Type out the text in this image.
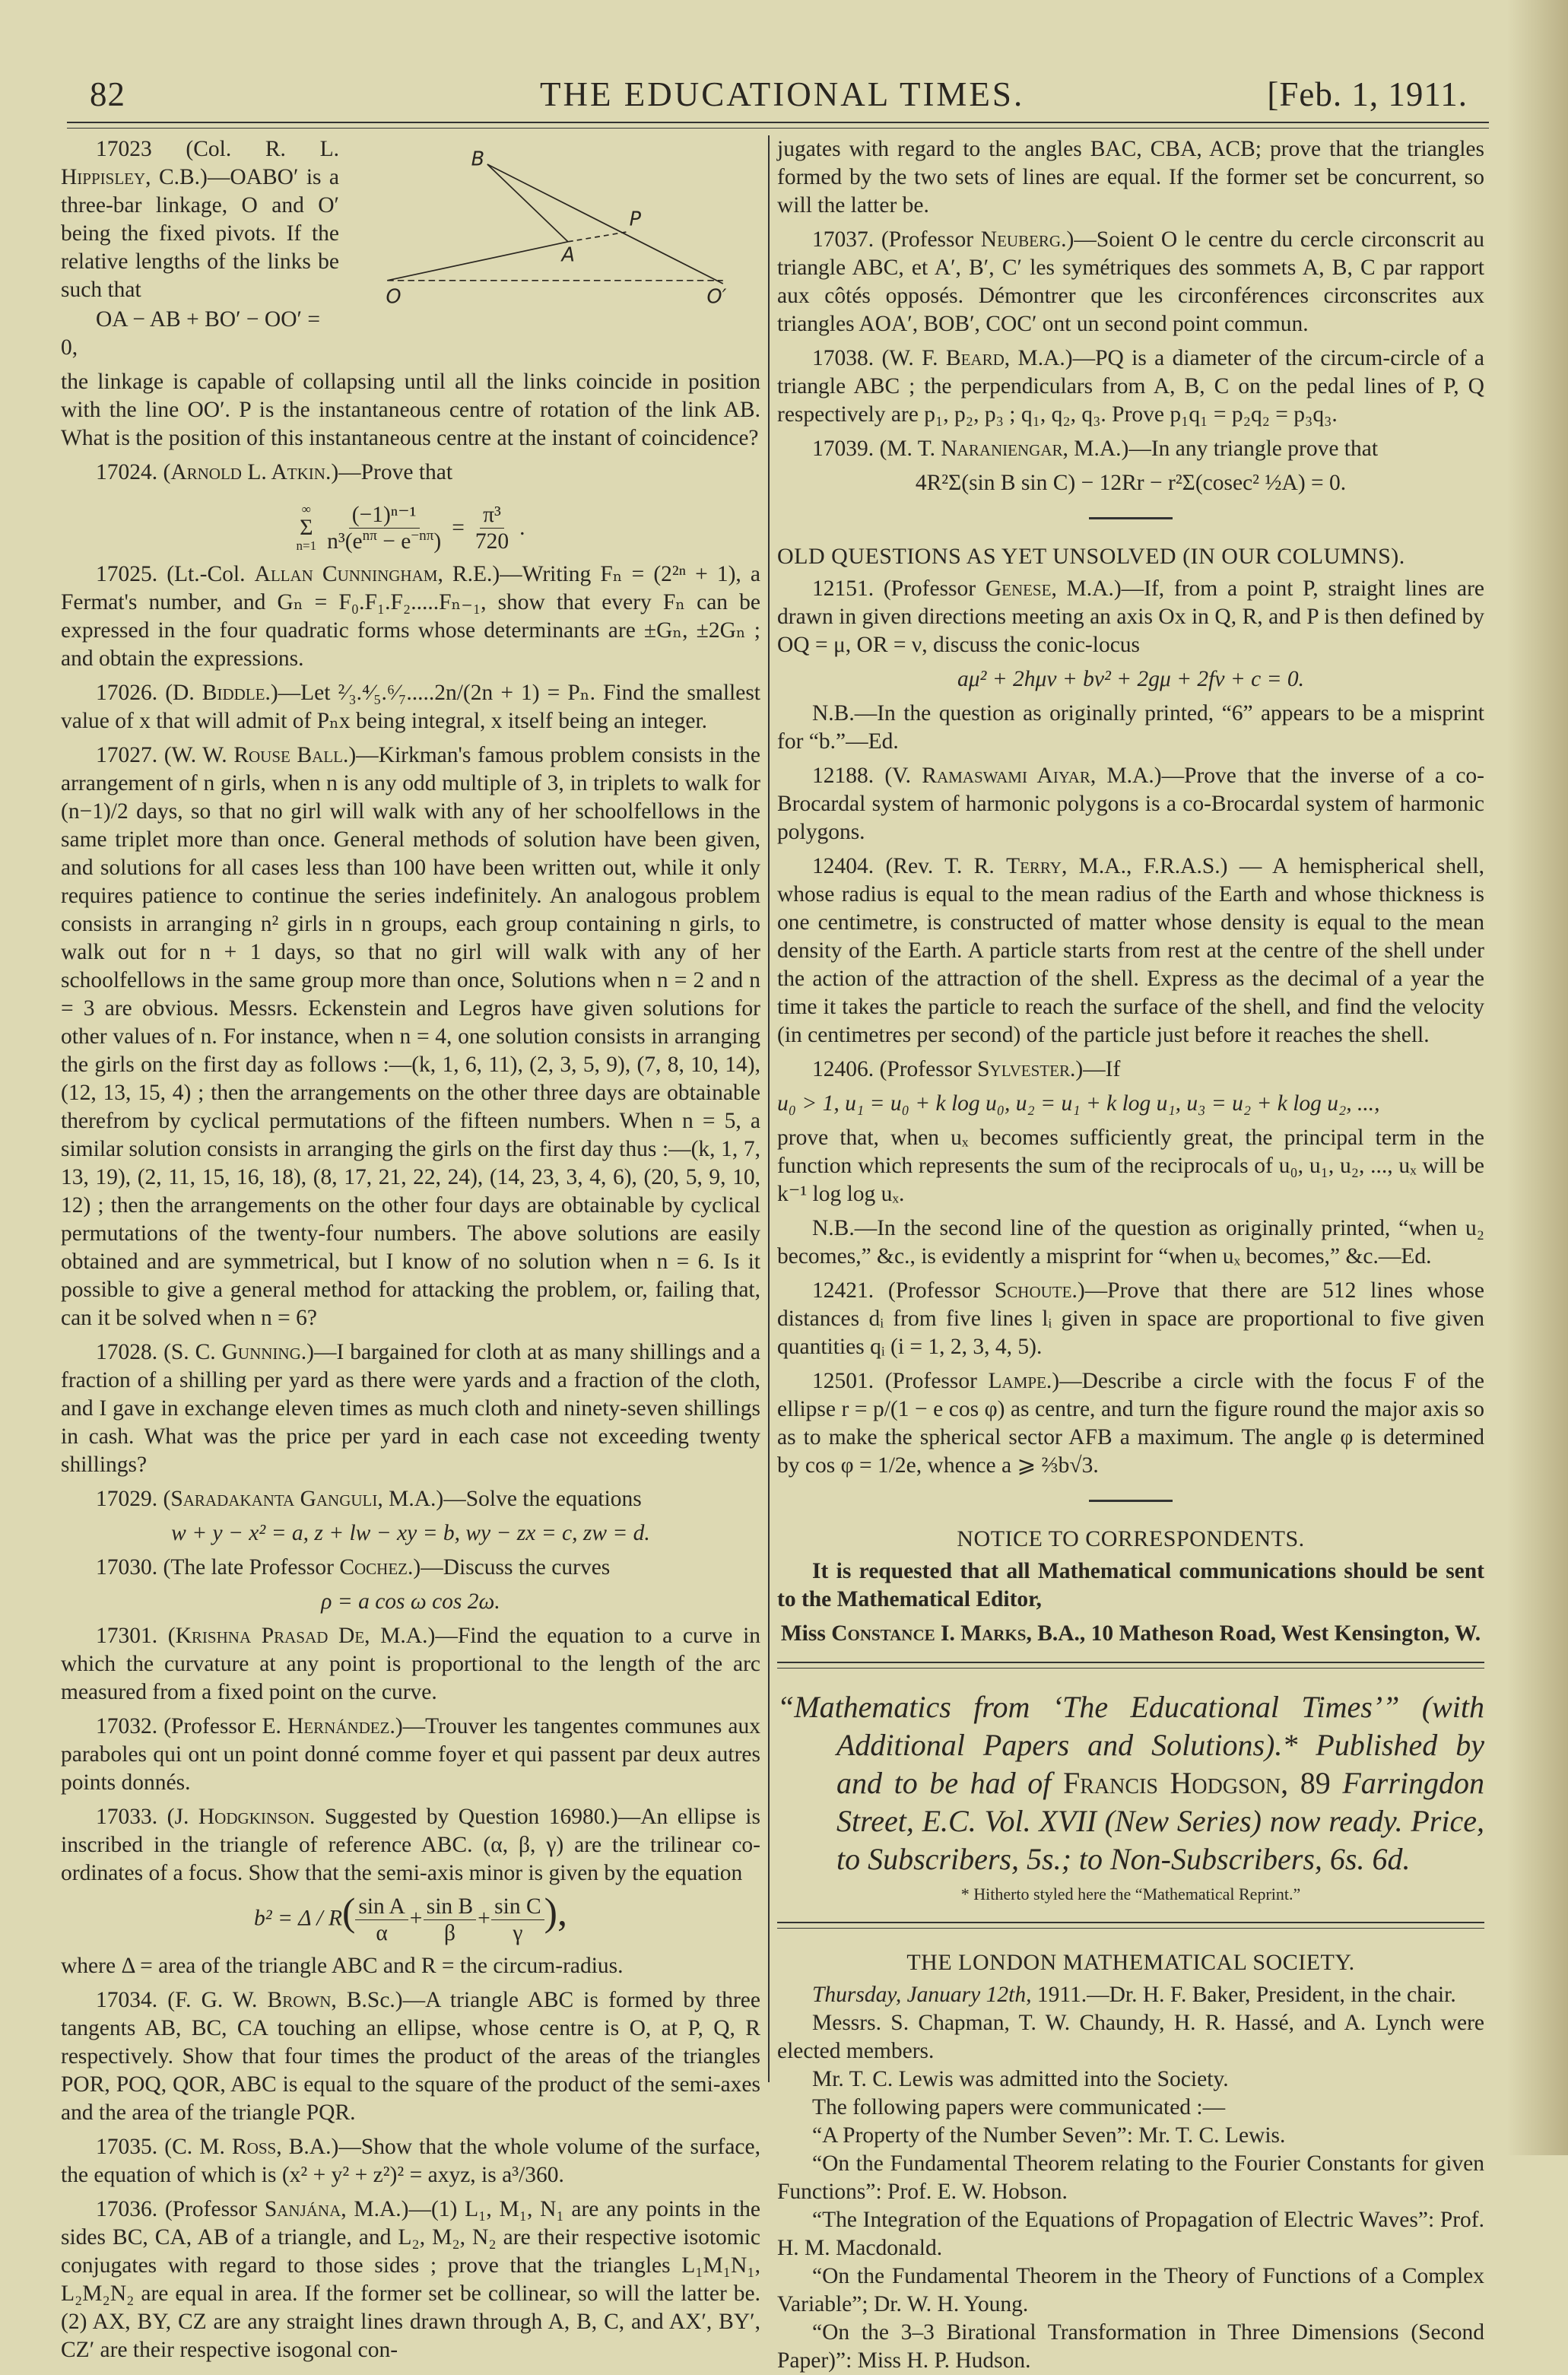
82	THE EDUCATIONAL TIMES.	[Feb. 1, 1911.

B
P
A
O	O′
17023 (Col. R. L. Hippisley, C.B.)—OABO′ is a three-bar linkage, O and O′ being the fixed pivots. If the relative lengths of the links be such that
OA − AB + BO′ − OO′ = 0,
the linkage is capable of collapsing until all the links coincide in position with the line OO′. P is the instantaneous centre of rotation of the link AB. What is the position of this instantaneous centre at the instant of coincidence?

17024. (Arnold L. Atkin.)—Prove that

∞
Σ
$n=1 \frac{\text{(−1)ⁿ⁻¹}}{n^3(e^{n\pi} - e^{-n\pi})} = \frac{\text{π³}}{720}$ .

17025. (Lt.-Col. Allan Cunningham, R.E.)—Writing Fₙ = (2²ⁿ + 1), a Fermat's number, and Gₙ = F₀.F₁.F₂.....Fₙ₋₁, show that every Fₙ can be expressed in the four quadratic forms whose determinants are ±Gₙ, ±2Gₙ ; and obtain the expressions.

17026. (D. Biddle.)—Let ²⁄₃.⁴⁄₅.⁶⁄₇.....2n/(2n + 1) = Pₙ. Find the smallest value of x that will admit of Pₙx being integral, x itself being an integer.

17027. (W. W. Rouse Ball.)—Kirkman's famous problem consists in the arrangement of n girls, when n is any odd multiple of 3, in triplets to walk for (n−1)/2 days, so that no girl will walk with any of her schoolfellows in the same triplet more than once. General methods of solution have been given, and solutions for all cases less than 100 have been written out, while it only requires patience to continue the series indefinitely. An analogous problem consists in arranging n² girls in n groups, each group containing n girls, to walk out for n + 1 days, so that no girl will walk with any of her schoolfellows in the same group more than once, Solutions when n = 2 and n = 3 are obvious. Messrs. Eckenstein and Legros have given solutions for other values of n. For instance, when n = 4, one solution consists in arranging the girls on the first day as follows :—(k, 1, 6, 11), (2, 3, 5, 9), (7, 8, 10, 14), (12, 13, 15, 4) ; then the arrangements on the other three days are obtainable therefrom by cyclical permutations of the fifteen numbers. When n = 5, a similar solution consists in arranging the girls on the first day thus :—(k, 1, 7, 13, 19), (2, 11, 15, 16, 18), (8, 17, 21, 22, 24), (14, 23, 3, 4, 6), (20, 5, 9, 10, 12) ; then the arrangements on the other four days are obtainable by cyclical permutations of the twenty-four numbers. The above solutions are easily obtained and are symmetrical, but I know of no solution when n = 6. Is it possible to give a general method for attacking the problem, or, failing that, can it be solved when n = 6?

17028. (S. C. Gunning.)—I bargained for cloth at as many shillings and a fraction of a shilling per yard as there were yards and a fraction of the cloth, and I gave in exchange eleven times as much cloth and ninety-seven shillings in cash. What was the price per yard in each case not exceeding twenty shillings?

17029. (Saradakanta Ganguli, M.A.)—Solve the equations

w + y − x² = a, z + lw − xy = b, wy − zx = c, zw = d.

17030. (The late Professor Cochez.)—Discuss the curves

ρ = a cos ω cos 2ω.

17301. (Krishna Prasad De, M.A.)—Find the equation to a curve in which the curvature at any point is proportional to the length of the arc measured from a fixed point on the curve.

17032. (Professor E. Hernández.)—Trouver les tangentes communes aux paraboles qui ont un point donné comme foyer et qui passent par deux autres points donnés.

17033. (J. Hodgkinson. Suggested by Question 16980.)—An ellipse is inscribed in the triangle of reference ABC. (α, β, γ) are the trilinear co-ordinates of a focus. Show that the semi-axis minor is given by the equation

$b^2 = \Delta / R( \frac{\text{sin A}}{\alpha} + \frac{\text{sin B}}{\beta} + \frac{\text{sin C}}{\gamma}$ ),

where Δ = area of the triangle ABC and R = the circum-radius.

17034. (F. G. W. Brown, B.Sc.)—A triangle ABC is formed by three tangents AB, BC, CA touching an ellipse, whose centre is O, at P, Q, R respectively. Show that four times the product of the areas of the triangles POR, POQ, QOR, ABC is equal to the square of the product of the semi-axes and the area of the triangle PQR.

17035. (C. M. Ross, B.A.)—Show that the whole volume of the surface, the equation of which is (x² + y² + z²)² = axyz, is a³/360.

17036. (Professor Sanjána, M.A.)—(1) L₁, M₁, N₁ are any points in the sides BC, CA, AB of a triangle, and L₂, M₂, N₂ are their respective isotomic conjugates with regard to those sides ; prove that the triangles L₁M₁N₁, L₂M₂N₂ are equal in area. If the former set be collinear, so will the latter be. (2) AX, BY, CZ are any straight lines drawn through A, B, C, and AX′, BY′, CZ′ are their respective isogonal con-

jugates with regard to the angles BAC, CBA, ACB; prove that the triangles formed by the two sets of lines are equal. If the former set be concurrent, so will the latter be.

17037. (Professor Neuberg.)—Soient O le centre du cercle circonscrit au triangle ABC, et A′, B′, C′ les symétriques des sommets A, B, C par rapport aux côtés opposés. Démontrer que les circonférences circonscrites aux triangles AOA′, BOB′, COC′ ont un second point commun.

17038. (W. F. Beard, M.A.)—PQ is a diameter of the circum-circle of a triangle ABC ; the perpendiculars from A, B, C on the pedal lines of P, Q respectively are p₁, p₂, p₃ ; q₁, q₂, q₃. Prove p₁q₁ = p₂q₂ = p₃q₃.

17039. (M. T. Naraniengar, M.A.)—In any triangle prove that

4R²Σ(sin B sin C) − 12Rr − r²Σ(cosec² ½A) = 0.
OLD QUESTIONS AS YET UNSOLVED (IN OUR COLUMNS).

12151. (Professor Genese, M.A.)—If, from a point P, straight lines are drawn in given directions meeting an axis Ox in Q, R, and P is then defined by OQ = μ, OR = ν, discuss the conic-locus

aμ² + 2hμν + bν² + 2gμ + 2fν + c = 0.

N.B.—In the question as originally printed, “6” appears to be a misprint for “b.”—Ed.

12188. (V. Ramaswami Aiyar, M.A.)—Prove that the inverse of a co-Brocardal system of harmonic polygons is a co-Brocardal system of harmonic polygons.

12404. (Rev. T. R. Terry, M.A., F.R.A.S.) — A hemispherical shell, whose radius is equal to the mean radius of the Earth and whose thickness is one centimetre, is constructed of matter whose density is equal to the mean density of the Earth. A particle starts from rest at the centre of the shell under the action of the attraction of the shell. Express as the decimal of a year the time it takes the particle to reach the surface of the shell, and find the velocity (in centimetres per second) of the particle just before it reaches the shell.

12406. (Professor Sylvester.)—If

u₀ > 1, u₁ = u₀ + k log u₀, u₂ = u₁ + k log u₁, u₃ = u₂ + k log u₂, ...,

prove that, when uₓ becomes sufficiently great, the principal term in the function which represents the sum of the reciprocals of u₀, u₁, u₂, ..., uₓ will be k⁻¹ log log uₓ.

N.B.—In the second line of the question as originally printed, “when u₂ becomes,” &c., is evidently a misprint for “when uₓ becomes,” &c.—Ed.

12421. (Professor Schoute.)—Prove that there are 512 lines whose distances dᵢ from five lines lᵢ given in space are proportional to five given quantities qᵢ (i = 1, 2, 3, 4, 5).

12501. (Professor Lampe.)—Describe a circle with the focus F of the ellipse r = p/(1 − e cos φ) as centre, and turn the figure round the major axis so as to make the spherical sector AFB a maximum. The angle φ is determined by cos φ = 1/2e, whence a ⩾ ⅔b√3.

NOTICE TO CORRESPONDENTS.

It is requested that all Mathematical communications should be sent to the Mathematical Editor,

Miss Constance I. Marks, B.A., 10 Matheson Road, West Kensington, W.
“Mathematics from ‘The Educational Times’” (with Additional Papers and Solutions).* Published by and to be had of Francis Hodgson, 89 Farringdon Street, E.C. Vol. XVII (New Series) now ready. Price, to Subscribers, 5s.; to Non-Subscribers, 6s. 6d.
* Hitherto styled here the “Mathematical Reprint.”
THE LONDON MATHEMATICAL SOCIETY.

Thursday, January 12th, 1911.—Dr. H. F. Baker, President, in the chair.

Messrs. S. Chapman, T. W. Chaundy, H. R. Hassé, and A. Lynch were elected members.

Mr. T. C. Lewis was admitted into the Society.

The following papers were communicated :—

“A Property of the Number Seven”: Mr. T. C. Lewis.

“On the Fundamental Theorem relating to the Fourier Constants for given Functions”: Prof. E. W. Hobson.

“The Integration of the Equations of Propagation of Electric Waves”: Prof. H. M. Macdonald.

“On the Fundamental Theorem in the Theory of Functions of a Complex Variable”; Dr. W. H. Young.

“On the 3–3 Birational Transformation in Three Dimensions (Second Paper)”: Miss H. P. Hudson.
